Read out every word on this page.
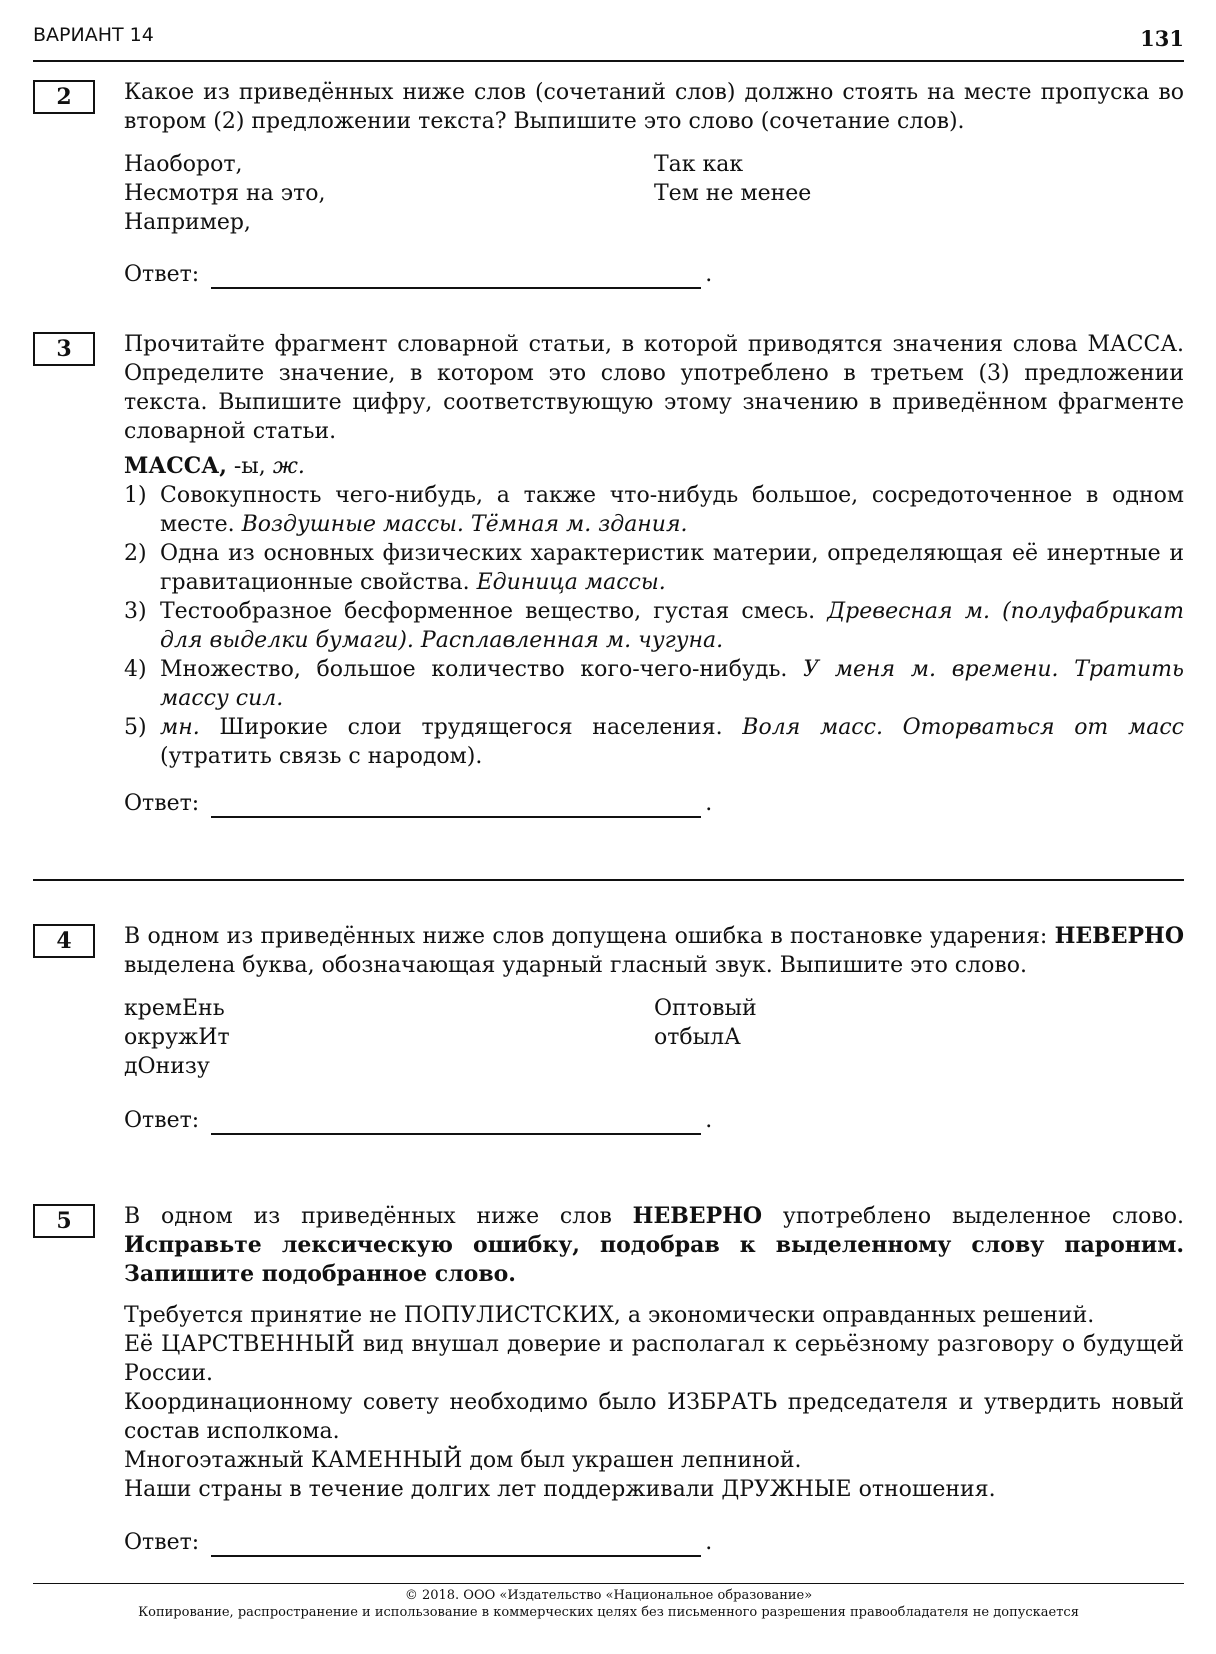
ВАРИАНТ 14	131
2	Какое из приведённых ниже слов (сочетаний слов) должно стоять на месте пропуска во втором (2) предложении текста? Выпишите это слово (сочетание слов).

Наоборот,
Несмотря на это,
Например,
Так как
Тем не менее
Ответ:	.
3	Прочитайте фрагмент словарной статьи, в которой приводятся значения слова МАССА. Определите значение, в котором это слово употреблено в третьем (3) предложении текста. Выпишите цифру, соответствующую этому значению в приведённом фрагменте словарной статьи.

МАССА, -ы, ж.
1) Совокупность чего-нибудь, а также что-нибудь большое, сосредоточенное в одном месте. Воздушные массы. Тёмная м. здания.
2) Одна из основных физических характеристик материи, определяющая её инертные и гравитационные свойства. Единица массы.
3) Тестообразное бесформенное вещество, густая смесь. Древесная м. (полуфабрикат для выделки бумаги). Расплавленная м. чугуна.
4) Множество, большое количество кого-чего-нибудь. У меня м. времени. Тратить массу сил.
5) мн. Широкие слои трудящегося населения. Воля масс. Оторваться от масс (утратить связь с народом).
Ответ:	.
4	В одном из приведённых ниже слов допущена ошибка в постановке ударения: НЕВЕРНО выделена буква, обозначающая ударный гласный звук. Выпишите это слово.

кремЕнь
окружИт
дОнизу
Оптовый
отбылА
Ответ:	.
5	В одном из приведённых ниже слов НЕВЕРНО употреблено выделенное слово. Исправьте лексическую ошибку, подобрав к выделенному слову пароним. Запишите подобранное слово.

Требуется принятие не ПОПУЛИСТСКИХ, а экономически оправданных решений.

Её ЦАРСТВЕННЫЙ вид внушал доверие и располагал к серьёзному разговору о будущей России.

Координационному совету необходимо было ИЗБРАТЬ председателя и утвердить новый состав исполкома.

Многоэтажный КАМЕННЫЙ дом был украшен лепниной.

Наши страны в течение долгих лет поддерживали ДРУЖНЫЕ отношения.

Ответ:	.
© 2018. ООО «Издательство «Национальное образование»
Копирование, распространение и использование в коммерческих целях без письменного разрешения правообладателя не допускается
